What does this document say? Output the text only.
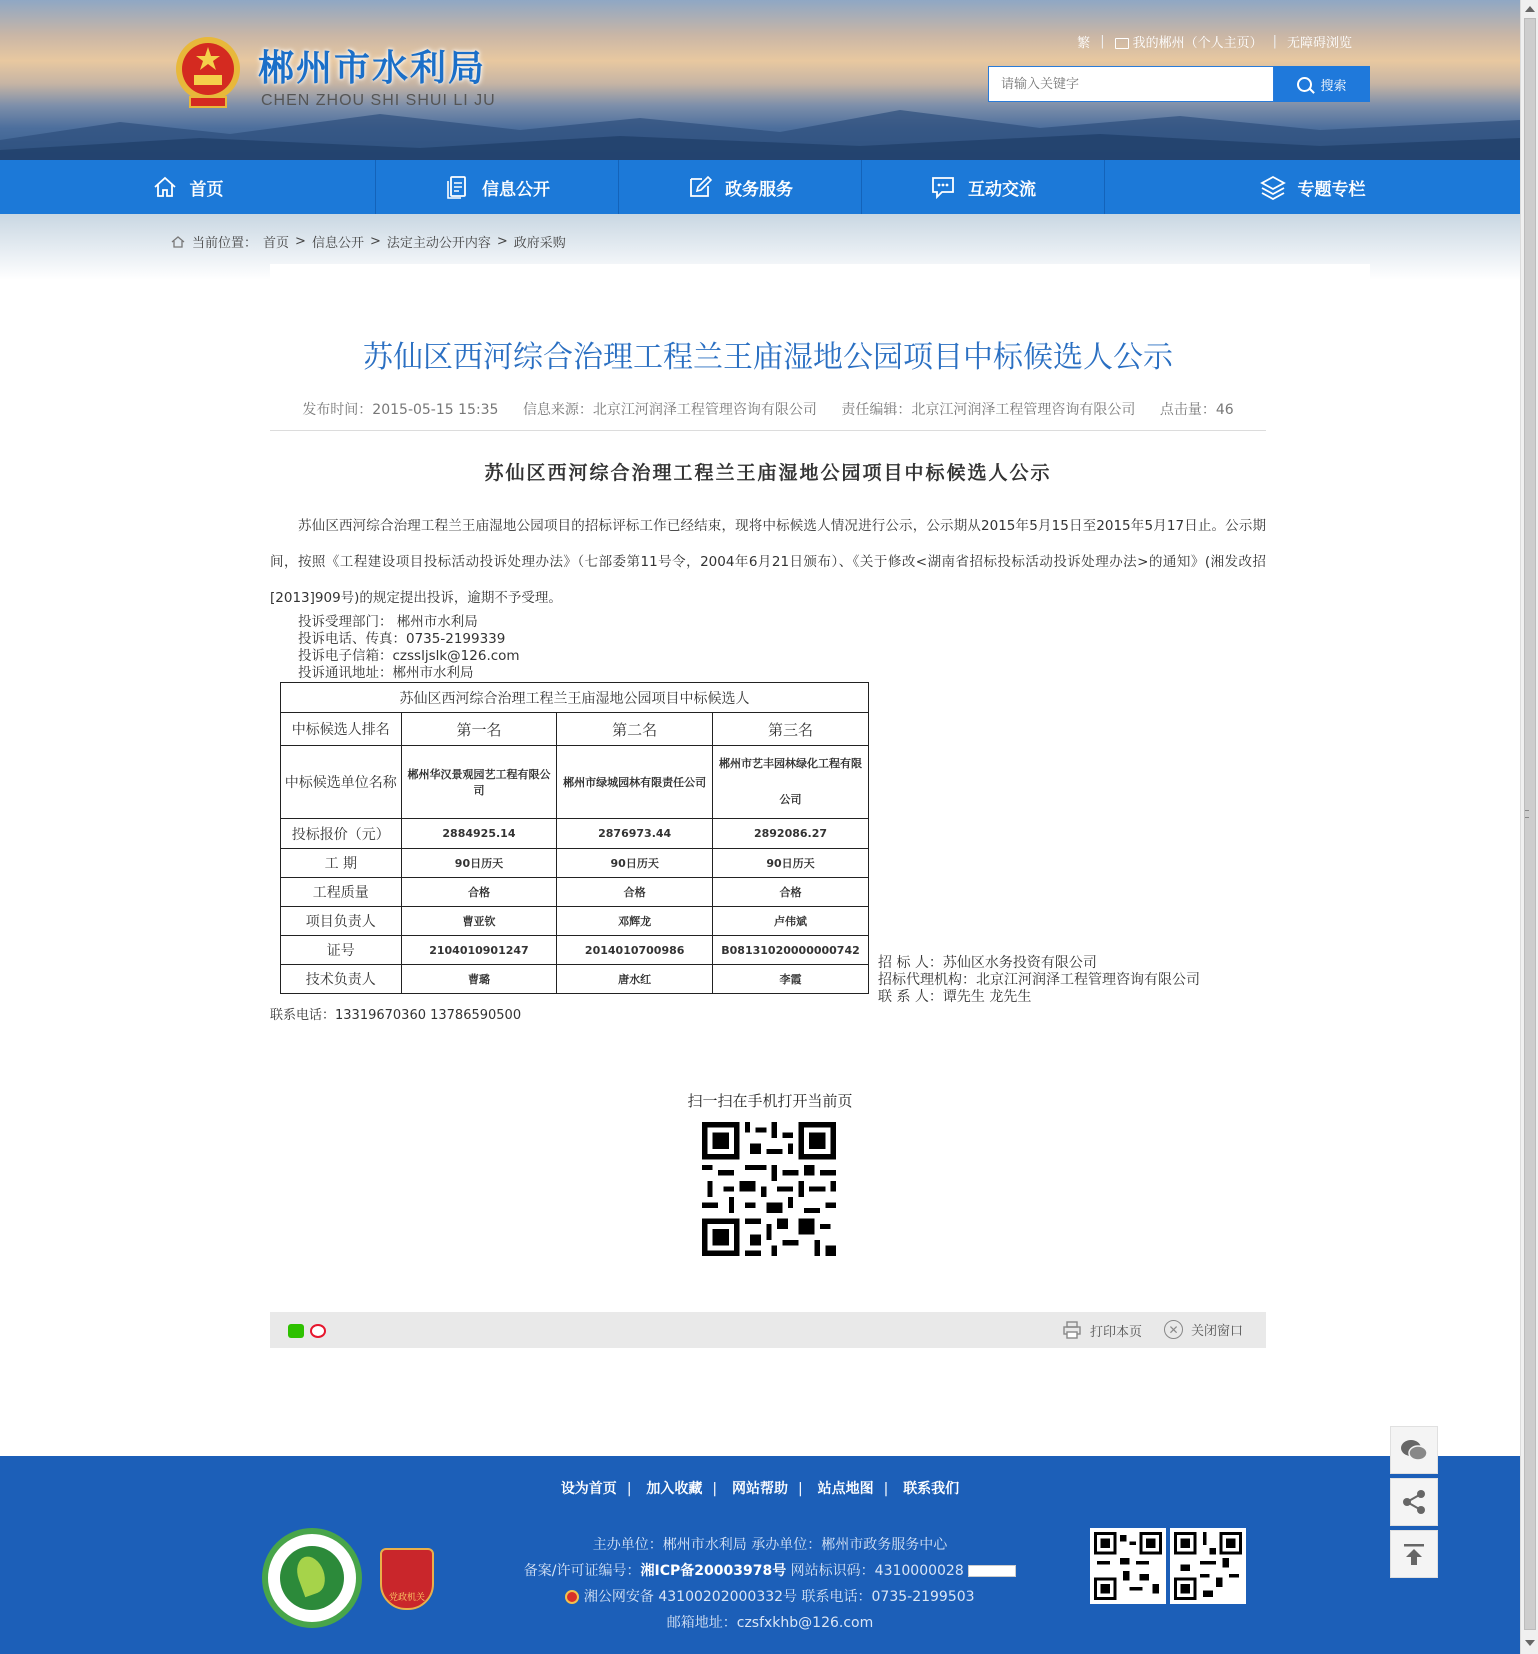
郴州市水利局
CHEN ZHOU SHI SHUI LI JU
繁 |	我的郴州（个人主页） | 无障碍浏览
请输入关键字
搜索
首页	信息公开	政务服务	互动交流	专题专栏
当前位置： 首页 > 信息公开 > 法定主动公开内容 > 政府采购
苏仙区西河综合治理工程兰王庙湿地公园项目中标候选人公示
发布时间：2015-05-15 15:35 信息来源：北京江河润泽工程管理咨询有限公司 责任编辑：北京江河润泽工程管理咨询有限公司 点击量：46
苏仙区西河综合治理工程兰王庙湿地公园项目中标候选人公示

苏仙区西河综合治理工程兰王庙湿地公园项目的招标评标工作已经结束，现将中标候选人情况进行公示，公示期从2015年5月15日至2015年5月17日止。公示期间，按照《工程建设项目投标活动投诉处理办法》（七部委第11号令，2004年6月21日颁布）、《关于修改<湖南省招标投标活动投诉处理办法>的通知》(湘发改招[2013]909号)的规定提出投诉，逾期不予受理。

投诉受理部门： 郴州市水利局
投诉电话、传真：0735-2199339
投诉电子信箱：czssljslk@126.com
投诉通讯地址：郴州市水利局
苏仙区西河综合治理工程兰王庙湿地公园项目中标候选人			
中标候选人排名	第一名	第二名	第三名
中标候选单位名称	郴州华汉景观园艺工程有限公司	郴州市绿城园林有限责任公司	郴州市艺丰园林绿化工程有限公司
投标报价（元）	2884925.14	2876973.44	2892086.27
工 期	90日历天	90日历天	90日历天
工程质量	合格	合格	合格
项目负责人	曹亚钦	邓辉龙	卢伟斌
证号	2104010901247	2014010700986	B08131020000000742
技术负责人	曹璐	唐水红	李霞
联系电话：13319670360 13786590500
招 标 人：苏仙区水务投资有限公司
招标代理机构：北京江河润泽工程管理咨询有限公司
联 系 人：谭先生 龙先生
扫一扫在手机打开当前页
打印本页	✕ 关闭窗口
设为首页 | 加入收藏 | 网站帮助 | 站点地图 | 联系我们
主办单位：郴州市水利局 承办单位：郴州市政务服务中心
备案/许可证编号：湘ICP备20003978号 网站标识码：4310000028
湘公网安备 43100202000332号 联系电话：0735-2199503
邮箱地址：czsfxkhb@126.com
党政机关
